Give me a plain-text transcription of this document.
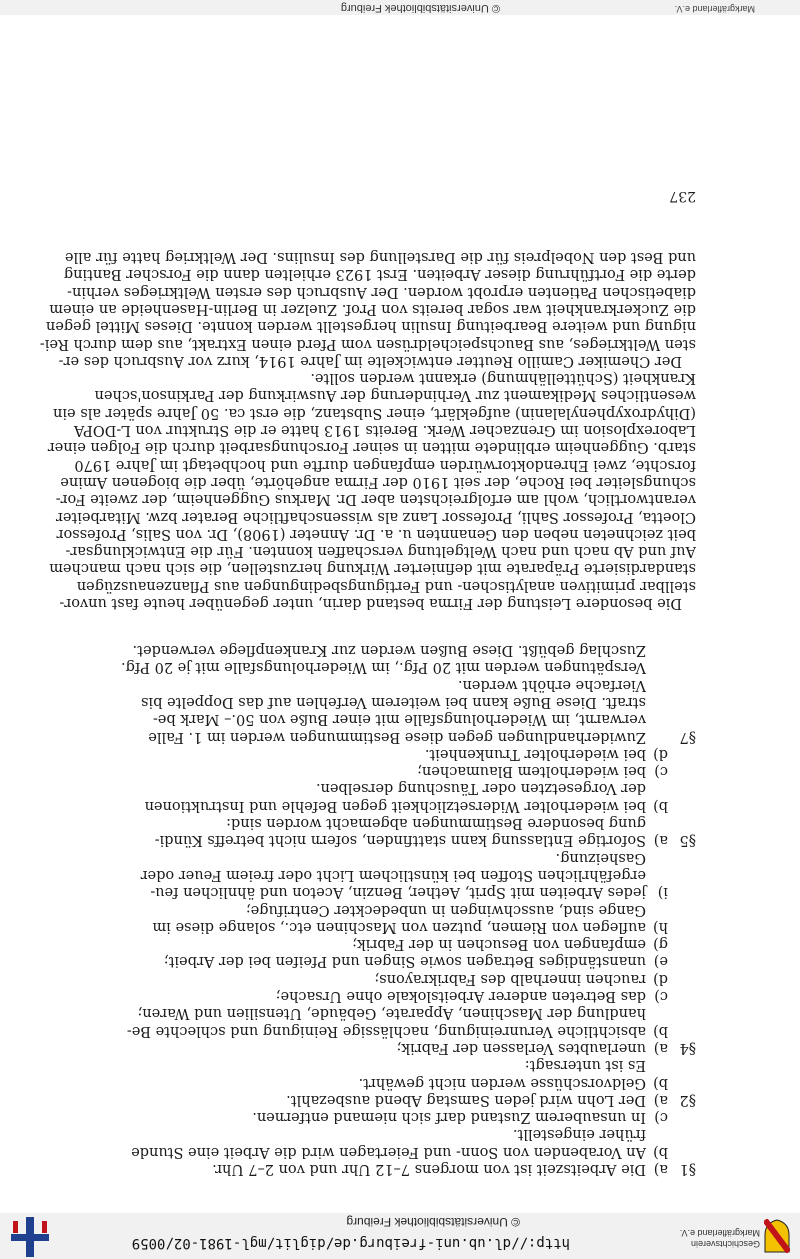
Geschichtsverein
Markgräflerland e.V.
http://dl.ub.uni-freiburg.de/diglit/mgl-1981-02/0059
© Universitätsbibliothek Freiburg
§1a)Die Arbeitszeit ist von morgens 7–12 Uhr und von 2–7 Uhr.
b)An Vorabenden von Sonn- und Feiertagen wird die Arbeit eine Stunde
früher eingestellt.
c)In unsauberem Zustand darf sich niemand entfernen.
§2a)Der Lohn wird jeden Samstag Abend ausbezahlt.
b)Geldvorschüsse werden nicht gewährt.
Es ist untersagt:
§4a)unerlaubtes Verlassen der Fabrik;
b)absichtliche Verunreinigung, nachlässige Reinigung und schlechte Be-
handlung der Maschinen, Apparate, Gebäude, Utensilien und Waren;
c)das Betreten anderer Arbeitslokale ohne Ursache;
d)rauchen innerhalb des Fabrikrayons;
e)unanständiges Betragen sowie Singen und Pfeifen bei der Arbeit;
g)empfangen von Besuchen in der Fabrik;
h)auflegen von Riemen, putzen von Maschinen etc., solange diese im
Gange sind, ausschwingen in unbedeckter Centrifuge;
i)jedes Arbeiten mit Sprit, Aether, Benzin, Aceton und ähnlichen feu-
ergefährlichen Stoffen bei künstlichem Licht oder freiem Feuer oder
Gasheizung.
§5a)Sofortige Entlassung kann stattfinden, sofern nicht betreffs Kündi-
gung besondere Bestimmungen abgemacht worden sind:
b)bei wiederholter Widersetzlichkeit gegen Befehle und Instruktionen
der Vorgesetzten oder Täuschung derselben.
c)bei wiederholtem Blaumachen;
d)bei wiederholter Trunkenheit.
§7Zuwiderhandlungen gegen diese Bestimmungen werden im 1. Falle
verwarnt, im Wiederholungsfalle mit einer Buße von 50.– Mark be-
straft. Diese Buße kann bei weiterem Verfehlen auf das Doppelte bis
Vierfache erhöht werden.
Verspätungen werden mit 20 Pfg., im Wiederholungsfalle mit je 20 Pfg.
Zuschlag gebüßt. Diese Bußen werden zur Krankenpflege verwendet.
Die besondere Leistung der Firma bestand darin, unter gegenüber heute fast unvor-
stellbar primitiven analytischen- und Fertigungsbedingungen aus Pflanzenauszügen
standardisierte Präparate mit definierter Wirkung herzustellen, die sich nach manchem
Auf und Ab nach und nach Weltgeltung verschaffen konnten. Für die Entwicklungsar-
beit zeichneten neben den Genannten u. a. Dr. Anneter (1908), Dr. von Salis, Professor
Cloetta, Professor Sahli, Professor Lanz als wissenschaftliche Berater bzw. Mitarbeiter
verantwortlich, wohl am erfolgreichsten aber Dr. Markus Guggenheim, der zweite For-
schungsleiter bei Roche, der seit 1910 der Firma angehörte, über die biogenen Amine
forschte, zwei Ehrendoktorwürden empfangen durfte und hochbetagt im Jahre 1970
starb. Guggenheim erblindete mitten in seiner Forschungsarbeit durch die Folgen einer
Laborexplosion im Grenzacher Werk. Bereits 1913 hatte er die Struktur von L-DOPA
(Dihydroxyphenylalanin) aufgeklärt, einer Substanz, die erst ca. 50 Jahre später als ein
wesentliches Medikament zur Verhinderung der Auswirkung der Parkinson'schen
Krankheit (Schüttellähmung) erkannt werden sollte.
Der Chemiker Camillo Reutter entwickelte im Jahre 1914, kurz vor Ausbruch des er-
sten Weltkrieges, aus Bauchspeicheldrüsen vom Pferd einen Extrakt, aus dem durch Rei-
nigung und weitere Bearbeitung Insulin hergestellt werden konnte. Dieses Mittel gegen
die Zuckerkrankheit war sogar bereits von Prof. Zuelzer in Berlin-Hasenheide an einem
diabetischen Patienten erprobt worden. Der Ausbruch des ersten Weltkrieges verhin-
derte die Fortführung dieser Arbeiten. Erst 1923 erhielten dann die Forscher Banting
und Best den Nobelpreis für die Darstellung des Insulins. Der Weltkrieg hatte für alle
237
Markgräflerland e.V.
© Universitätsbibliothek Freiburg
